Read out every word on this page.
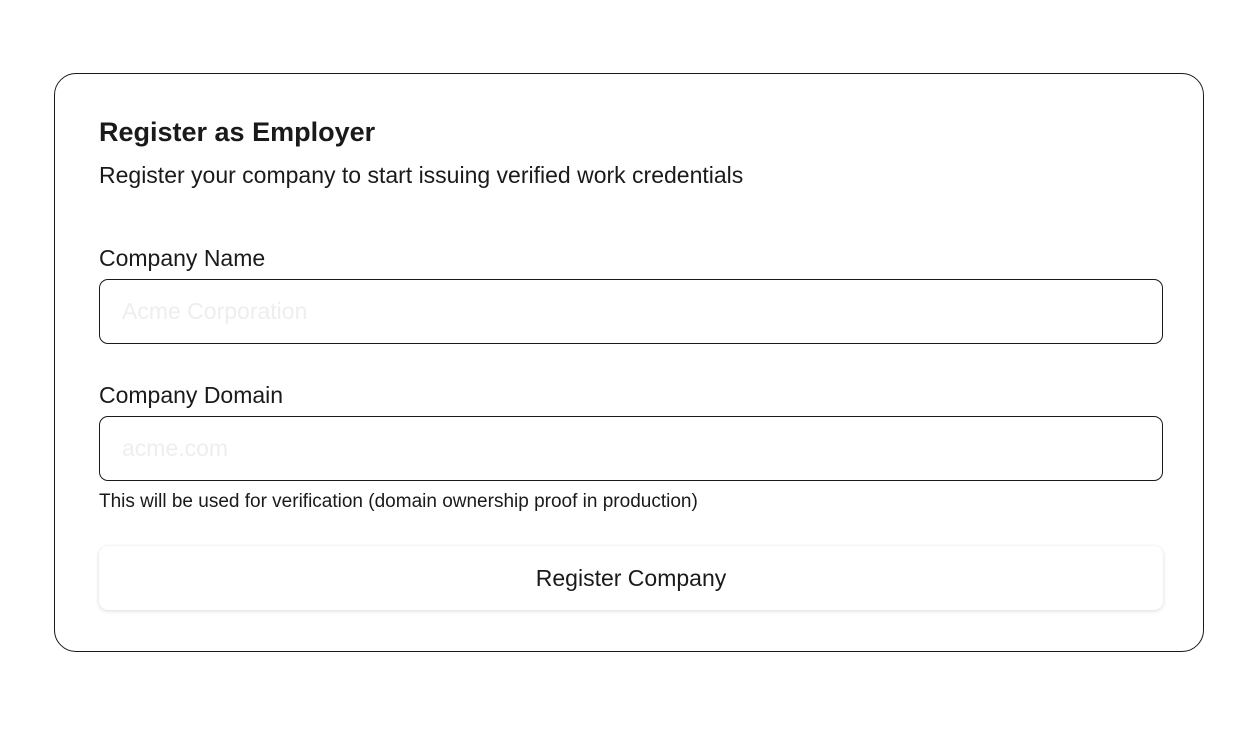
Register as Employer
Register your company to start issuing verified work credentials
Company Name
Acme Corporation
Company Domain
acme.com
This will be used for verification (domain ownership proof in production)
Register Company
